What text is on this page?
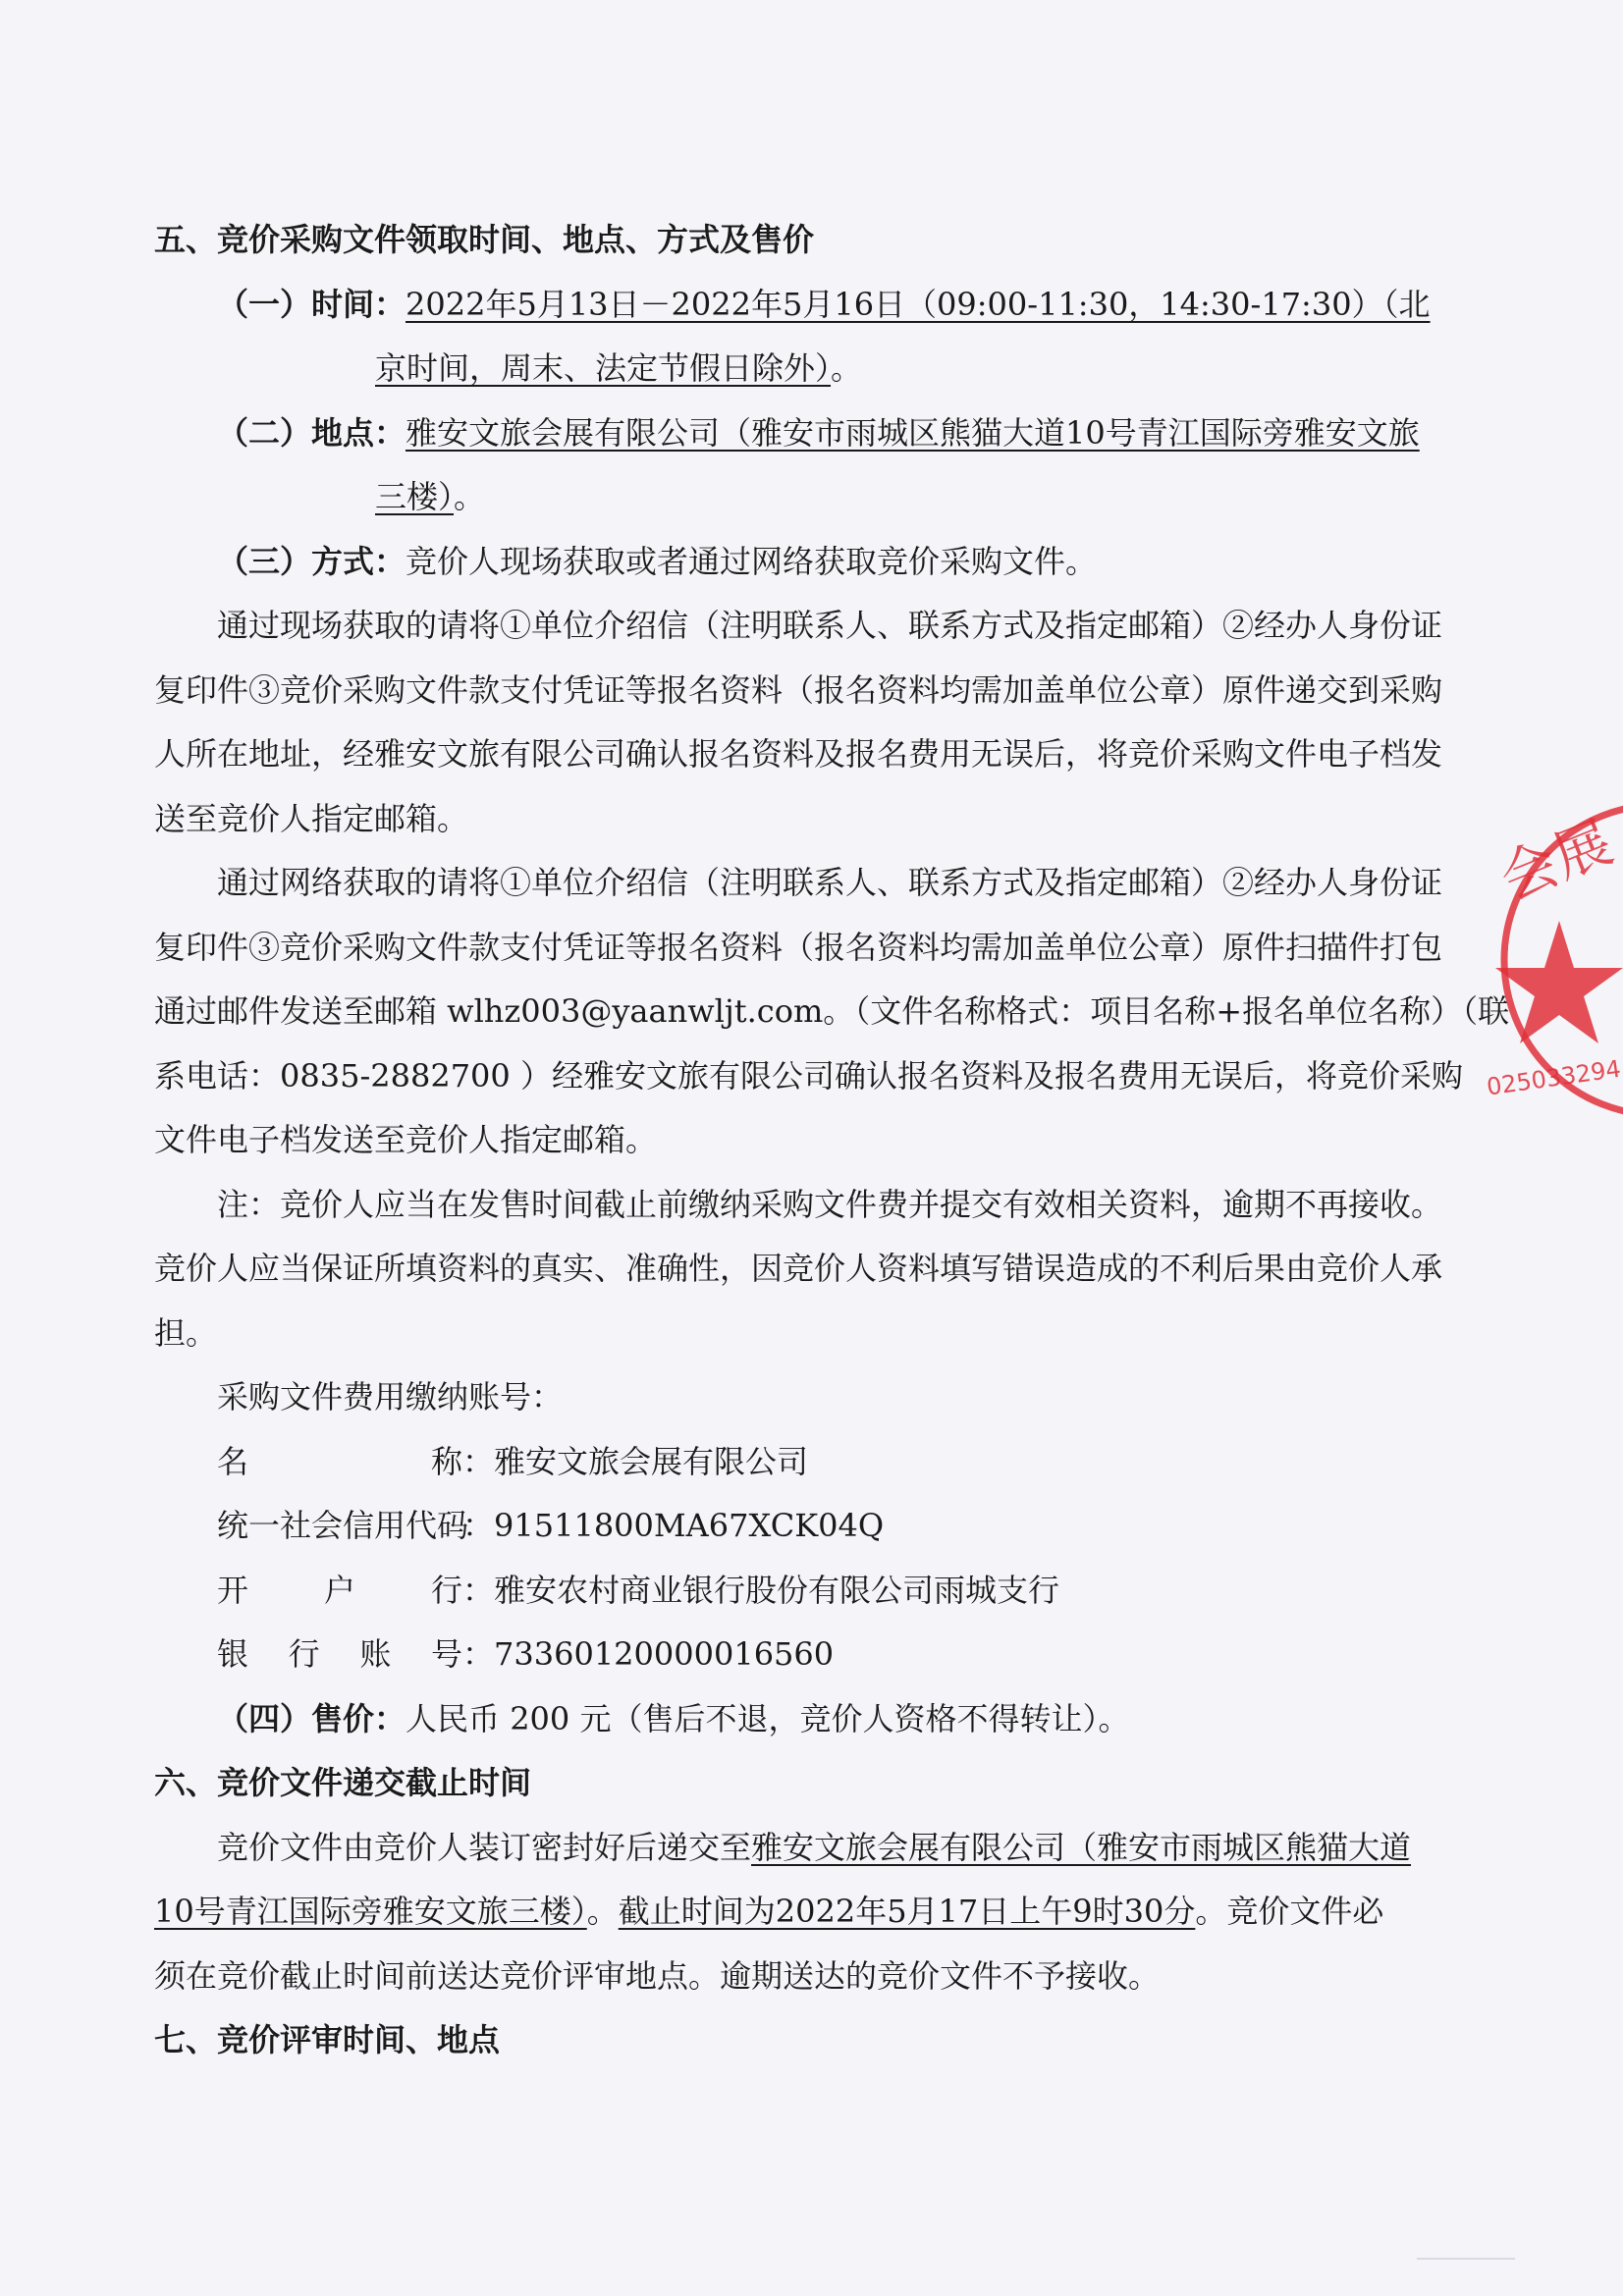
五、竞价采购文件领取时间、地点、方式及售价
（一）时间：2022年5月13日－2022年5月16日（09:00-11:30，14:30-17:30）（北
京时间，周末、法定节假日除外）。
（二）地点：雅安文旅会展有限公司（雅安市雨城区熊猫大道10号青江国际旁雅安文旅
三楼）。
（三）方式：竞价人现场获取或者通过网络获取竞价采购文件。
通过现场获取的请将①单位介绍信（注明联系人、联系方式及指定邮箱）②经办人身份证
复印件③竞价采购文件款支付凭证等报名资料（报名资料均需加盖单位公章）原件递交到采购
人所在地址，经雅安文旅有限公司确认报名资料及报名费用无误后，将竞价采购文件电子档发
送至竞价人指定邮箱。
通过网络获取的请将①单位介绍信（注明联系人、联系方式及指定邮箱）②经办人身份证
复印件③竞价采购文件款支付凭证等报名资料（报名资料均需加盖单位公章）原件扫描件打包
通过邮件发送至邮箱 wlhz003@yaanwljt.com。（文件名称格式：项目名称+报名单位名称）（联
系电话：0835-2882700 ）经雅安文旅有限公司确认报名资料及报名费用无误后，将竞价采购
文件电子档发送至竞价人指定邮箱。
注：竞价人应当在发售时间截止前缴纳采购文件费并提交有效相关资料，逾期不再接收。
竞价人应当保证所填资料的真实、准确性，因竞价人资料填写错误造成的不利后果由竞价人承
担。
采购文件费用缴纳账号：
名	称 ：雅安文旅会展有限公司
统一社会信用代码
：91511800MA67XCK04Q
开 户 行 ：雅安农村商业银行股份有限公司雨城支行
银 行 账 号 ：73360120000016560
（四）售价：人民币 200 元（售后不退，竞价人资格不得转让）。
六、竞价文件递交截止时间
竞价文件由竞价人装订密封好后递交至雅安文旅会展有限公司（雅安市雨城区熊猫大道
10号青江国际旁雅安文旅三楼）。截止时间为2022年5月17日上午9时30分。竞价文件必
须在竞价截止时间前送达竞价评审地点。逾期送达的竞价文件不予接收。
七、竞价评审时间、地点
会展
025033294
